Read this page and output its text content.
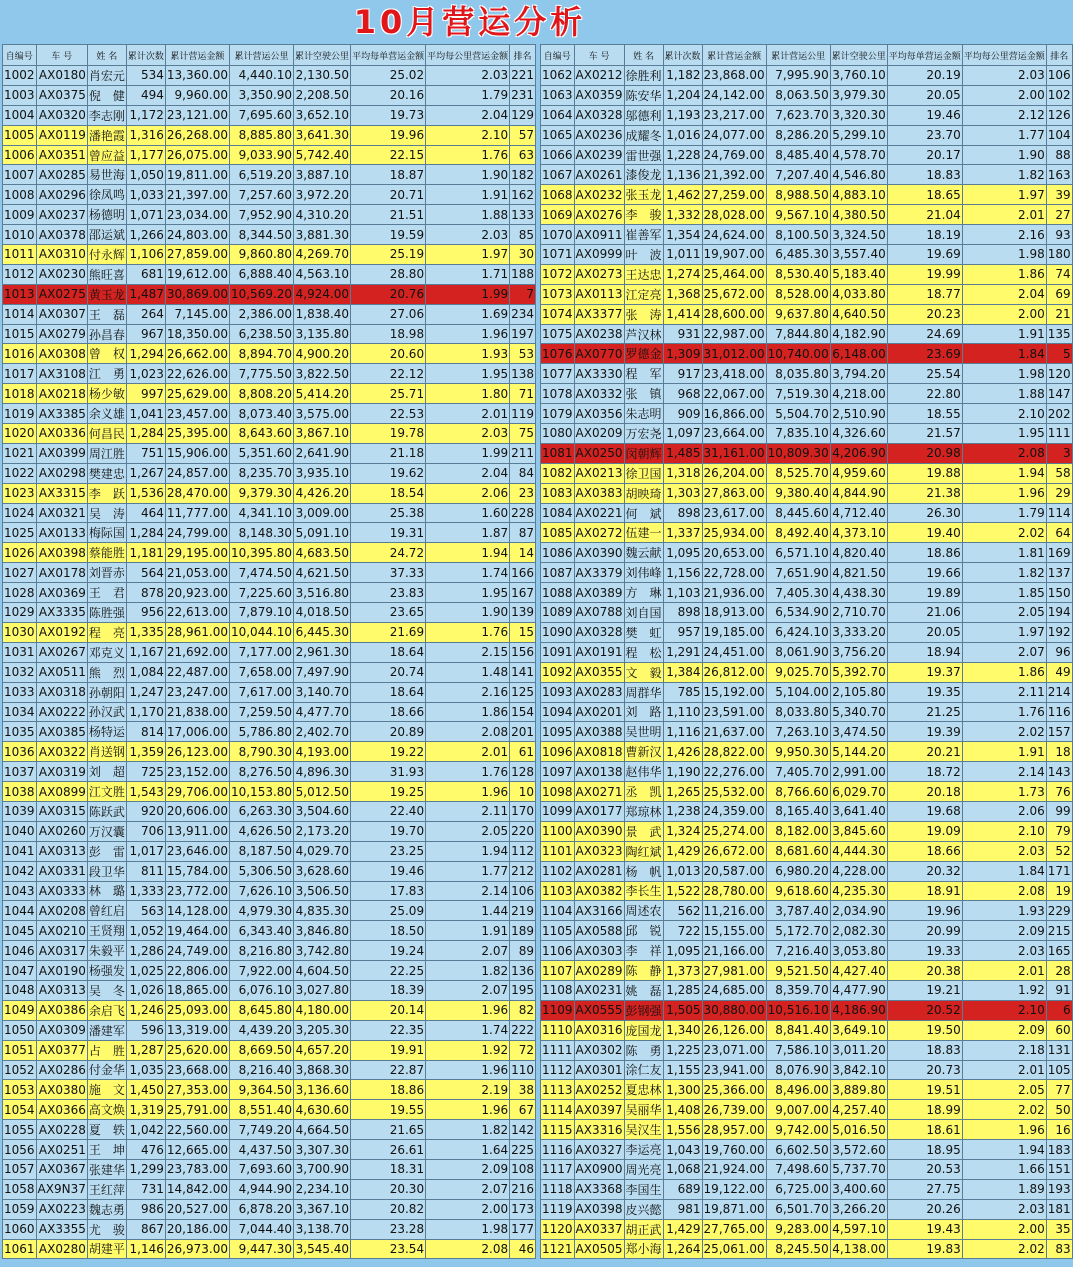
10月营运分析
自编号	车 号	姓 名	累计次数	累计营运金额	累计营运公里	累计空驶公里	平均每单营运金额	平均每公里营运金额	排名
1002	AX0180	肖宏元	534	13,360.00	4,440.10	2,130.50	25.02	2.03	221
1003	AX0375	倪　健	494	9,960.00	3,350.90	2,208.50	20.16	1.79	231
1004	AX0320	李志刚	1,172	23,121.00	7,695.60	3,652.10	19.73	2.04	129
1005	AX0119	潘艳霞	1,316	26,268.00	8,885.80	3,641.30	19.96	2.10	57
1006	AX0351	曾应益	1,177	26,075.00	9,033.90	5,742.40	22.15	1.76	63
1007	AX0285	易世海	1,050	19,811.00	6,519.20	3,887.10	18.87	1.90	182
1008	AX0296	徐凤鸣	1,033	21,397.00	7,257.60	3,972.20	20.71	1.91	162
1009	AX0237	杨德明	1,071	23,034.00	7,952.90	4,310.20	21.51	1.88	133
1010	AX0378	邵运斌	1,266	24,803.00	8,344.50	3,881.30	19.59	2.03	85
1011	AX0310	付永辉	1,106	27,859.00	9,860.80	4,269.70	25.19	1.97	30
1012	AX0230	熊旺喜	681	19,612.00	6,888.40	4,563.10	28.80	1.71	188
1013	AX0275	黄玉龙	1,487	30,869.00	10,569.20	4,924.00	20.76	1.99	7
1014	AX0307	王　磊	264	7,145.00	2,386.00	1,838.40	27.06	1.69	234
1015	AX0279	孙昌春	967	18,350.00	6,238.50	3,135.80	18.98	1.96	197
1016	AX0308	曾　权	1,294	26,662.00	8,894.70	4,900.20	20.60	1.93	53
1017	AX3108	江　勇	1,023	22,626.00	7,775.50	3,822.50	22.12	1.95	138
1018	AX0218	杨少敏	997	25,629.00	8,808.20	5,414.20	25.71	1.80	71
1019	AX3385	余义雄	1,041	23,457.00	8,073.40	3,575.00	22.53	2.01	119
1020	AX0336	何昌民	1,284	25,395.00	8,643.60	3,867.10	19.78	2.03	75
1021	AX0399	周江胜	751	15,906.00	5,351.60	2,641.90	21.18	1.99	211
1022	AX0298	樊建忠	1,267	24,857.00	8,235.70	3,935.10	19.62	2.04	84
1023	AX3315	李　跃	1,536	28,470.00	9,379.30	4,426.20	18.54	2.06	23
1024	AX0321	吴　涛	464	11,777.00	4,341.10	3,009.00	25.38	1.60	228
1025	AX0133	梅际国	1,284	24,799.00	8,148.30	5,091.10	19.31	1.87	87
1026	AX0398	蔡能胜	1,181	29,195.00	10,395.80	4,683.50	24.72	1.94	14
1027	AX0178	刘晋赤	564	21,053.00	7,474.50	4,621.50	37.33	1.74	166
1028	AX0369	王　君	878	20,923.00	7,225.60	3,516.80	23.83	1.95	167
1029	AX3335	陈胜强	956	22,613.00	7,879.10	4,018.50	23.65	1.90	139
1030	AX0192	程　亮	1,335	28,961.00	10,044.10	6,445.30	21.69	1.76	15
1031	AX0267	邓克义	1,167	21,692.00	7,177.00	2,961.30	18.64	2.15	156
1032	AX0511	熊　烈	1,084	22,487.00	7,658.00	7,497.90	20.74	1.48	141
1033	AX0318	孙朝阳	1,247	23,247.00	7,617.00	3,140.70	18.64	2.16	125
1034	AX0222	孙汉武	1,170	21,838.00	7,259.50	4,477.70	18.66	1.86	154
1035	AX0385	杨特运	814	17,006.00	5,786.80	2,402.70	20.89	2.08	201
1036	AX0322	肖送钢	1,359	26,123.00	8,790.30	4,193.00	19.22	2.01	61
1037	AX0319	刘　超	725	23,152.00	8,276.50	4,896.30	31.93	1.76	128
1038	AX0899	江文胜	1,543	29,706.00	10,153.80	5,012.50	19.25	1.96	10
1039	AX0315	陈跃武	920	20,606.00	6,263.30	3,504.60	22.40	2.11	170
1040	AX0260	万汉囊	706	13,911.00	4,626.50	2,173.20	19.70	2.05	220
1041	AX0313	彭　雷	1,017	23,646.00	8,187.50	4,029.70	23.25	1.94	112
1042	AX0331	段卫华	811	15,784.00	5,306.50	3,628.60	19.46	1.77	212
1043	AX0333	林　璐	1,333	23,772.00	7,626.10	3,506.50	17.83	2.14	106
1044	AX0208	曾红启	563	14,128.00	4,979.30	4,835.30	25.09	1.44	219
1045	AX0210	王贤翔	1,052	19,464.00	6,343.40	3,846.80	18.50	1.91	189
1046	AX0317	朱毅平	1,286	24,749.00	8,216.80	3,742.80	19.24	2.07	89
1047	AX0190	杨强发	1,025	22,806.00	7,922.00	4,604.50	22.25	1.82	136
1048	AX0313	吴　冬	1,026	18,865.00	6,076.10	3,027.80	18.39	2.07	195
1049	AX0386	余启飞	1,246	25,093.00	8,645.80	4,180.00	20.14	1.96	82
1050	AX0309	潘建军	596	13,319.00	4,439.20	3,205.30	22.35	1.74	222
1051	AX0377	占　胜	1,287	25,620.00	8,669.50	4,657.20	19.91	1.92	72
1052	AX0286	付金华	1,035	23,668.00	8,216.40	3,868.30	22.87	1.96	110
1053	AX0380	施　文	1,450	27,353.00	9,364.50	3,136.60	18.86	2.19	38
1054	AX0366	高文焕	1,319	25,791.00	8,551.40	4,630.60	19.55	1.96	67
1055	AX0228	夏　轶	1,042	22,560.00	7,749.20	4,664.50	21.65	1.82	142
1056	AX0251	王　坤	476	12,665.00	4,437.50	3,307.30	26.61	1.64	225
1057	AX0367	张建华	1,299	23,783.00	7,693.60	3,700.90	18.31	2.09	108
1058	AX9N37	王红萍	731	14,842.00	4,944.90	2,234.10	20.30	2.07	216
1059	AX0223	魏志勇	986	20,527.00	6,878.20	3,367.10	20.82	2.00	173
1060	AX3355	尤　骏	867	20,186.00	7,044.40	3,138.70	23.28	1.98	177
1061	AX0280	胡建平	1,146	26,973.00	9,447.30	3,545.40	23.54	2.08	46
自编号	车 号	姓 名	累计次数	累计营运金额	累计营运公里	累计空驶公里	平均每单营运金额	平均每公里营运金额	排名
1062	AX0212	徐胜利	1,182	23,868.00	7,995.90	3,760.10	20.19	2.03	106
1063	AX0359	陈安华	1,204	24,142.00	8,063.50	3,979.30	20.05	2.00	102
1064	AX0328	邬德利	1,193	23,217.00	7,623.70	3,320.30	19.46	2.12	126
1065	AX0236	成耀冬	1,016	24,077.00	8,286.20	5,299.10	23.70	1.77	104
1066	AX0239	雷世强	1,228	24,769.00	8,485.40	4,578.70	20.17	1.90	88
1067	AX0261	漆俊龙	1,136	21,392.00	7,207.40	4,546.80	18.83	1.82	163
1068	AX0232	张玉龙	1,462	27,259.00	8,988.50	4,883.10	18.65	1.97	39
1069	AX0276	李　骏	1,332	28,028.00	9,567.10	4,380.50	21.04	2.01	27
1070	AX0911	崔善军	1,354	24,624.00	8,100.50	3,324.50	18.19	2.16	93
1071	AX0999	叶　波	1,011	19,907.00	6,485.30	3,557.40	19.69	1.98	180
1072	AX0273	王达忠	1,274	25,464.00	8,530.40	5,183.40	19.99	1.86	74
1073	AX0113	江定亮	1,368	25,672.00	8,528.00	4,033.80	18.77	2.04	69
1074	AX3377	张　涛	1,414	28,600.00	9,637.80	4,640.50	20.23	2.00	21
1075	AX0238	芦汉林	931	22,987.00	7,844.80	4,182.90	24.69	1.91	135
1076	AX0770	罗德金	1,309	31,012.00	10,740.00	6,148.00	23.69	1.84	5
1077	AX3330	程　军	917	23,418.00	8,035.80	3,794.20	25.54	1.98	120
1078	AX0332	张　镇	968	22,067.00	7,519.30	4,218.00	22.80	1.88	147
1079	AX0356	朱志明	909	16,866.00	5,504.70	2,510.90	18.55	2.10	202
1080	AX0209	万宏尧	1,097	23,664.00	7,835.10	4,326.60	21.57	1.95	111
1081	AX0250	闵朝辉	1,485	31,161.00	10,809.30	4,206.90	20.98	2.08	3
1082	AX0213	徐卫国	1,318	26,204.00	8,525.70	4,959.60	19.88	1.94	58
1083	AX0383	胡映琦	1,303	27,863.00	9,380.40	4,844.90	21.38	1.96	29
1084	AX0221	何　斌	898	23,617.00	8,445.60	4,712.40	26.30	1.79	114
1085	AX0272	伍建一	1,337	25,934.00	8,492.40	4,373.10	19.40	2.02	64
1086	AX0390	魏云献	1,095	20,653.00	6,571.10	4,820.40	18.86	1.81	169
1087	AX3379	刘伟峰	1,156	22,728.00	7,651.90	4,821.50	19.66	1.82	137
1088	AX0389	方　琳	1,103	21,936.00	7,405.30	4,438.30	19.89	1.85	150
1089	AX0788	刘自国	898	18,913.00	6,534.90	2,710.70	21.06	2.05	194
1090	AX0328	樊　虹	957	19,185.00	6,424.10	3,333.20	20.05	1.97	192
1091	AX0191	程　松	1,291	24,451.00	8,061.90	3,756.20	18.94	2.07	96
1092	AX0355	文　毅	1,384	26,812.00	9,025.70	5,392.70	19.37	1.86	49
1093	AX0283	周群华	785	15,192.00	5,104.00	2,105.80	19.35	2.11	214
1094	AX0201	刘　路	1,110	23,591.00	8,033.80	5,340.70	21.25	1.76	116
1095	AX0388	吴世明	1,116	21,637.00	7,263.10	3,474.50	19.39	2.02	157
1096	AX0818	曹新汉	1,426	28,822.00	9,950.30	5,144.20	20.21	1.91	18
1097	AX0138	赵伟华	1,190	22,276.00	7,405.70	2,991.00	18.72	2.14	143
1098	AX0271	丞　凯	1,265	25,532.00	8,766.60	6,029.70	20.18	1.73	76
1099	AX0177	郑琼林	1,238	24,359.00	8,165.40	3,641.40	19.68	2.06	99
1100	AX0390	景　武	1,324	25,274.00	8,182.00	3,845.60	19.09	2.10	79
1101	AX0323	陶红斌	1,429	26,672.00	8,681.60	4,444.30	18.66	2.03	52
1102	AX0281	杨　帆	1,013	20,587.00	6,980.20	4,228.00	20.32	1.84	171
1103	AX0382	李长生	1,522	28,780.00	9,618.60	4,235.30	18.91	2.08	19
1104	AX3166	周述农	562	11,216.00	3,787.40	2,034.90	19.96	1.93	229
1105	AX0588	邱　锐	722	15,155.00	5,172.70	2,082.30	20.99	2.09	215
1106	AX0303	李　祥	1,095	21,166.00	7,216.40	3,053.80	19.33	2.03	165
1107	AX0289	陈　静	1,373	27,981.00	9,521.50	4,427.40	20.38	2.01	28
1108	AX0231	姚　磊	1,285	24,685.00	8,359.70	4,477.90	19.21	1.92	91
1109	AX0555	彭钢强	1,505	30,880.00	10,516.10	4,186.90	20.52	2.10	6
1110	AX0316	庞国龙	1,340	26,126.00	8,841.40	3,649.10	19.50	2.09	60
1111	AX0302	陈　勇	1,225	23,071.00	7,586.10	3,011.20	18.83	2.18	131
1112	AX0301	涂仁友	1,155	23,941.00	8,076.90	3,842.10	20.73	2.01	105
1113	AX0252	夏忠林	1,300	25,366.00	8,496.00	3,889.80	19.51	2.05	77
1114	AX0397	吴丽华	1,408	26,739.00	9,007.00	4,257.40	18.99	2.02	50
1115	AX3316	吴汉生	1,556	28,957.00	9,742.00	5,016.50	18.61	1.96	16
1116	AX0327	李运亮	1,043	19,760.00	6,602.50	3,572.60	18.95	1.94	183
1117	AX0900	周光亮	1,068	21,924.00	7,498.60	5,737.70	20.53	1.66	151
1118	AX3368	李国生	689	19,122.00	6,725.00	3,400.60	27.75	1.89	193
1119	AX0398	皮兴懿	981	19,871.00	6,501.70	3,266.20	20.26	2.03	181
1120	AX0337	胡正武	1,429	27,765.00	9,283.00	4,597.10	19.43	2.00	35
1121	AX0505	郑小海	1,264	25,061.00	8,245.50	4,138.00	19.83	2.02	83
